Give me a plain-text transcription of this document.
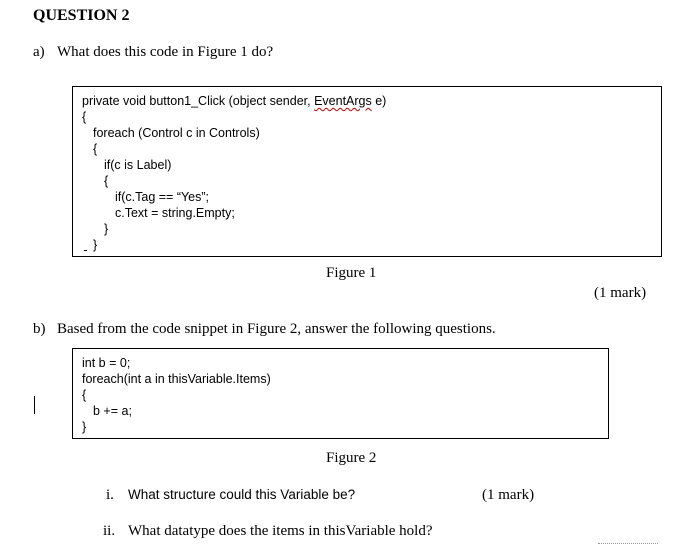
QUESTION 2
a) What does this code in Figure 1 do?
private void button1_Click (object sender, EventArgs e)
{
foreach (Control c in Controls)
{
if(c is Label)
{
if(c.Tag == “Yes”;
c.Text = string.Empty;
}
}
Figure 1
(1 mark)
b) Based from the code snippet in Figure 2, answer the following questions.
int b = 0;
foreach(int a in thisVariable.Items)
{
b += a;
}
Figure 2
i. What structure could this Variable be?	(1 mark)
ii. What datatype does the items in thisVariable hold?
